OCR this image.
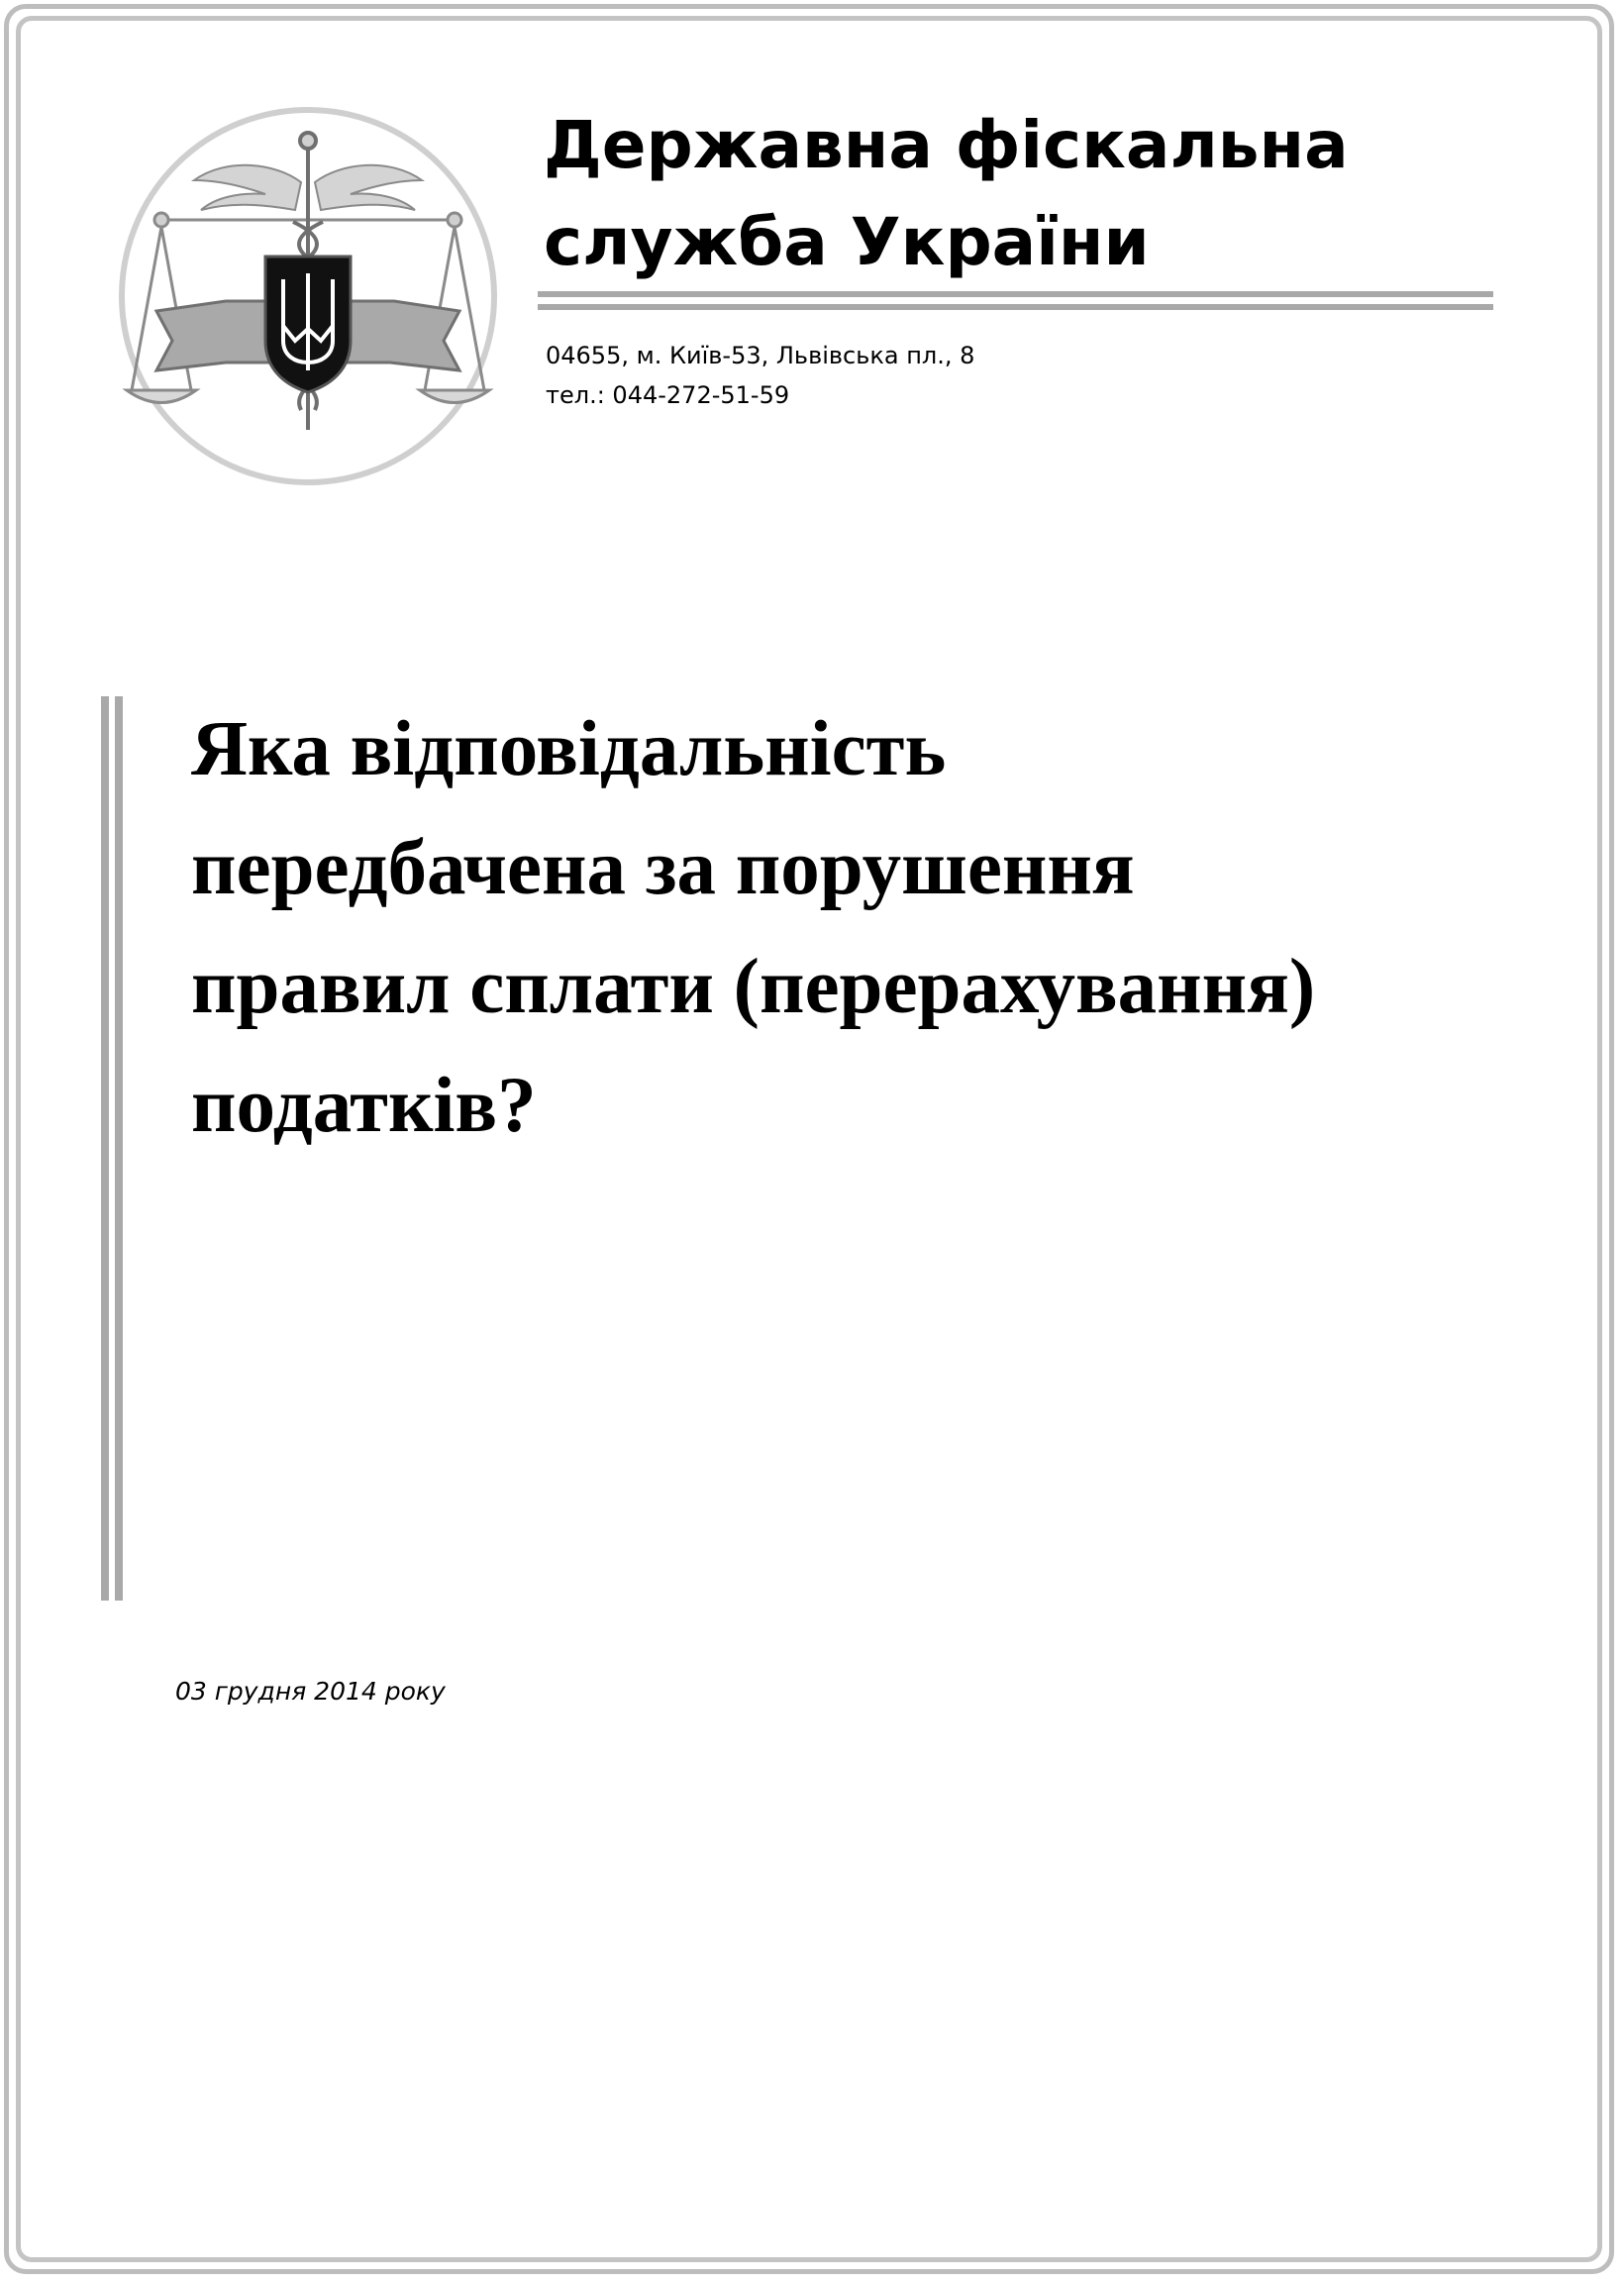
Державна фіскальна
служба України
04655, м. Київ-53, Львівська пл., 8
тел.: 044-272-51-59
Яка відповідальність
передбачена за порушення
правил сплати (перерахування)
податків?
03 грудня 2014 року
